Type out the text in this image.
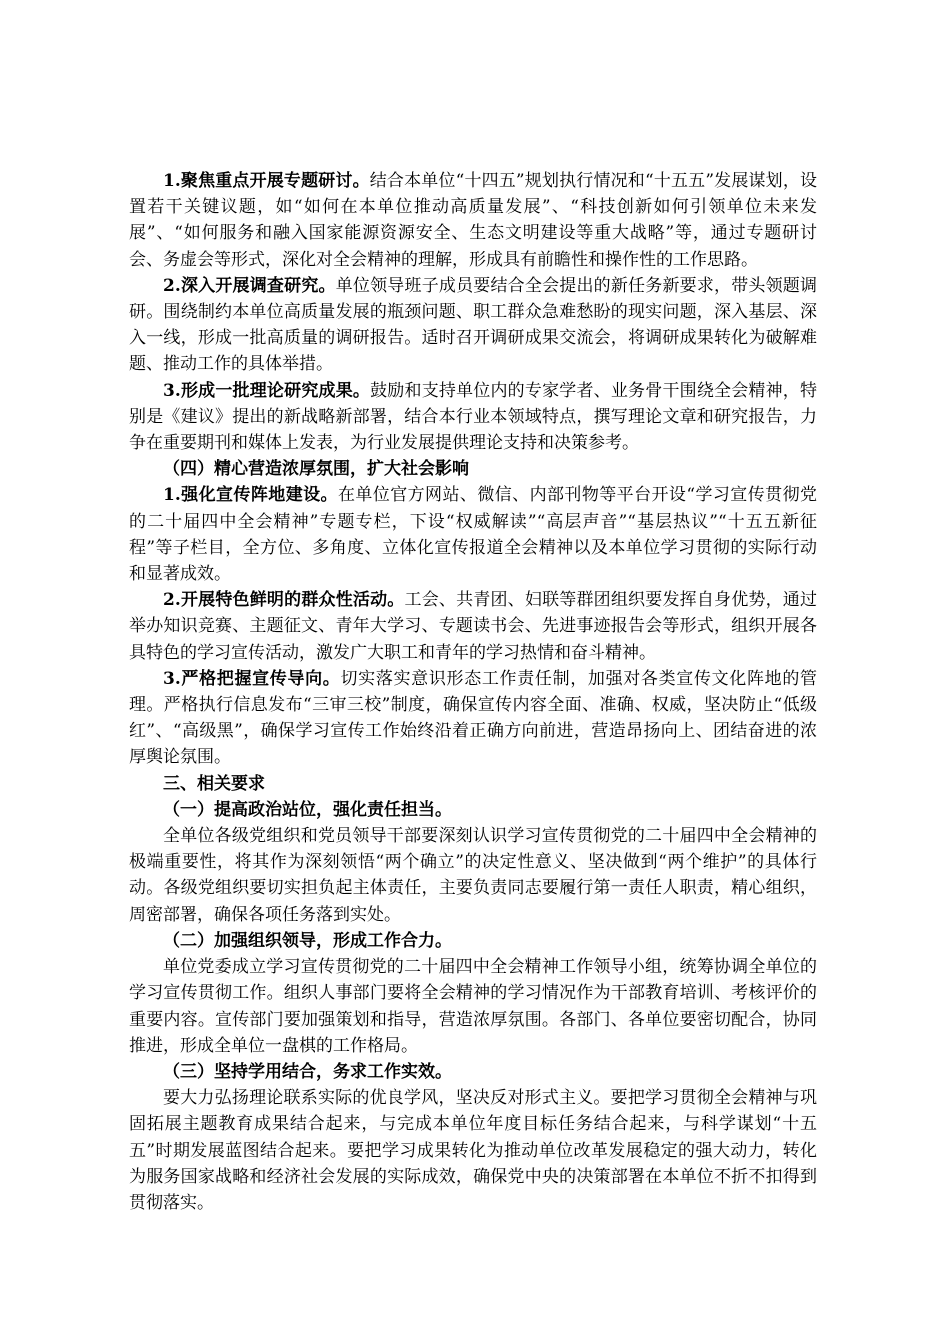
1.聚焦重点开展专题研讨。结合本单位“十四五”规划执行情况和“十五五”发展谋划，设置若干关键议题，如“如何在本单位推动高质量发展”、“科技创新如何引领单位未来发展”、“如何服务和融入国家能源资源安全、生态文明建设等重大战略”等，通过专题研讨会、务虚会等形式，深化对全会精神的理解，形成具有前瞻性和操作性的工作思路。

2.深入开展调查研究。单位领导班子成员要结合全会提出的新任务新要求，带头领题调研。围绕制约本单位高质量发展的瓶颈问题、职工群众急难愁盼的现实问题，深入基层、深入一线，形成一批高质量的调研报告。适时召开调研成果交流会，将调研成果转化为破解难题、推动工作的具体举措。

3.形成一批理论研究成果。鼓励和支持单位内的专家学者、业务骨干围绕全会精神，特别是《建议》提出的新战略新部署，结合本行业本领域特点，撰写理论文章和研究报告，力争在重要期刊和媒体上发表，为行业发展提供理论支持和决策参考。

（四）精心营造浓厚氛围，扩大社会影响

1.强化宣传阵地建设。在单位官方网站、微信、内部刊物等平台开设“学习宣传贯彻党的二十届四中全会精神”专题专栏，下设“权威解读”“高层声音”“基层热议”“十五五新征程”等子栏目，全方位、多角度、立体化宣传报道全会精神以及本单位学习贯彻的实际行动和显著成效。

2.开展特色鲜明的群众性活动。工会、共青团、妇联等群团组织要发挥自身优势，通过举办知识竞赛、主题征文、青年大学习、专题读书会、先进事迹报告会等形式，组织开展各具特色的学习宣传活动，激发广大职工和青年的学习热情和奋斗精神。

3.严格把握宣传导向。切实落实意识形态工作责任制，加强对各类宣传文化阵地的管理。严格执行信息发布“三审三校”制度，确保宣传内容全面、准确、权威，坚决防止“低级红”、“高级黑”，确保学习宣传工作始终沿着正确方向前进，营造昂扬向上、团结奋进的浓厚舆论氛围。

三、相关要求

（一）提高政治站位，强化责任担当。

全单位各级党组织和党员领导干部要深刻认识学习宣传贯彻党的二十届四中全会精神的极端重要性，将其作为深刻领悟“两个确立”的决定性意义、坚决做到“两个维护”的具体行动。各级党组织要切实担负起主体责任，主要负责同志要履行第一责任人职责，精心组织，周密部署，确保各项任务落到实处。

（二）加强组织领导，形成工作合力。

单位党委成立学习宣传贯彻党的二十届四中全会精神工作领导小组，统筹协调全单位的学习宣传贯彻工作。组织人事部门要将全会精神的学习情况作为干部教育培训、考核评价的重要内容。宣传部门要加强策划和指导，营造浓厚氛围。各部门、各单位要密切配合，协同推进，形成全单位一盘棋的工作格局。

（三）坚持学用结合，务求工作实效。

要大力弘扬理论联系实际的优良学风，坚决反对形式主义。要把学习贯彻全会精神与巩固拓展主题教育成果结合起来，与完成本单位年度目标任务结合起来，与科学谋划“十五五”时期发展蓝图结合起来。要把学习成果转化为推动单位改革发展稳定的强大动力，转化为服务国家战略和经济社会发展的实际成效，确保党中央的决策部署在本单位不折不扣得到贯彻落实。
